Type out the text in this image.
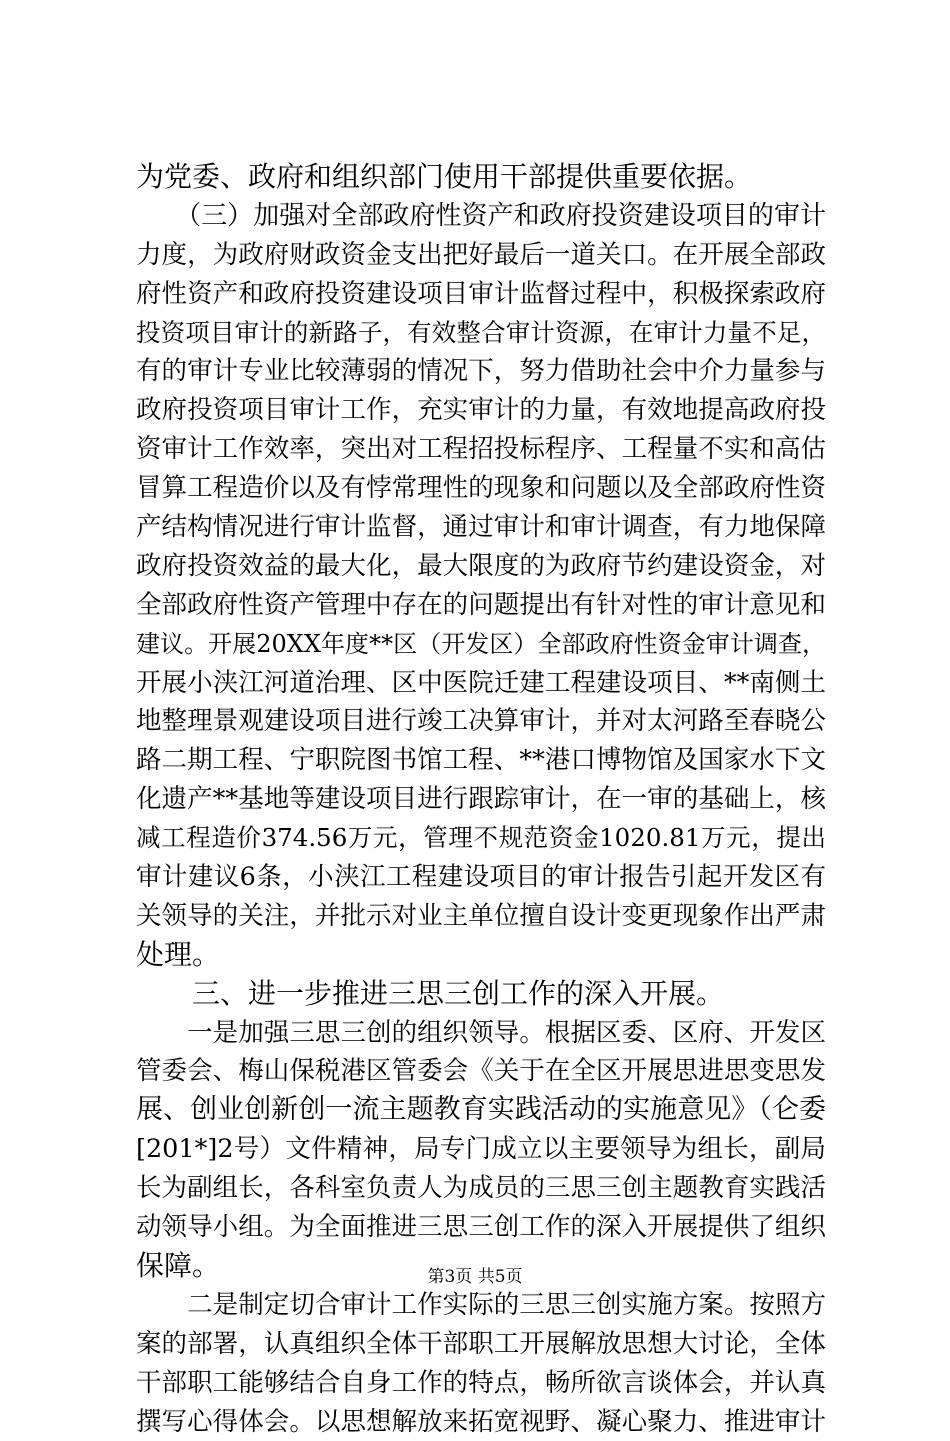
为党委、政府和组织部门使用干部提供重要依据。
　　（三）加强对全部政府性资产和政府投资建设项目的审计
力度，为政府财政资金支出把好最后一道关口。在开展全部政
府性资产和政府投资建设项目审计监督过程中，积极探索政府
投资项目审计的新路子，有效整合审计资源，在审计力量不足，
有的审计专业比较薄弱的情况下，努力借助社会中介力量参与
政府投资项目审计工作，充实审计的力量，有效地提高政府投
资审计工作效率，突出对工程招投标程序、工程量不实和高估
冒算工程造价以及有悖常理性的现象和问题以及全部政府性资
产结构情况进行审计监督，通过审计和审计调查，有力地保障
政府投资效益的最大化，最大限度的为政府节约建设资金，对
全部政府性资产管理中存在的问题提出有针对性的审计意见和
建议。开展20XX年度**区（开发区）全部政府性资金审计调查，
开展小浃江河道治理、区中医院迁建工程建设项目、**南侧土
地整理景观建设项目进行竣工决算审计，并对太河路至春晓公
路二期工程、宁职院图书馆工程、**港口博物馆及国家水下文
化遗产**基地等建设项目进行跟踪审计，在一审的基础上，核
减工程造价374.56万元，管理不规范资金1020.81万元，提出
审计建议6条，小浃江工程建设项目的审计报告引起开发区有
关领导的关注，并批示对业主单位擅自设计变更现象作出严肃
处理。
　　三、进一步推进三思三创工作的深入开展。
　　一是加强三思三创的组织领导。根据区委、区府、开发区
管委会、梅山保税港区管委会《关于在全区开展思进思变思发
展、创业创新创一流主题教育实践活动的实施意见》（仑委
[201*]2号）文件精神，局专门成立以主要领导为组长，副局
长为副组长，各科室负责人为成员的三思三创主题教育实践活
动领导小组。为全面推进三思三创工作的深入开展提供了组织
保障。
　　二是制定切合审计工作实际的三思三创实施方案。按照方
案的部署，认真组织全体干部职工开展解放思想大讨论，全体
干部职工能够结合自身工作的特点，畅所欲言谈体会，并认真
撰写心得体会。以思想解放来拓宽视野、凝心聚力、推进审计
第3页 共5页
